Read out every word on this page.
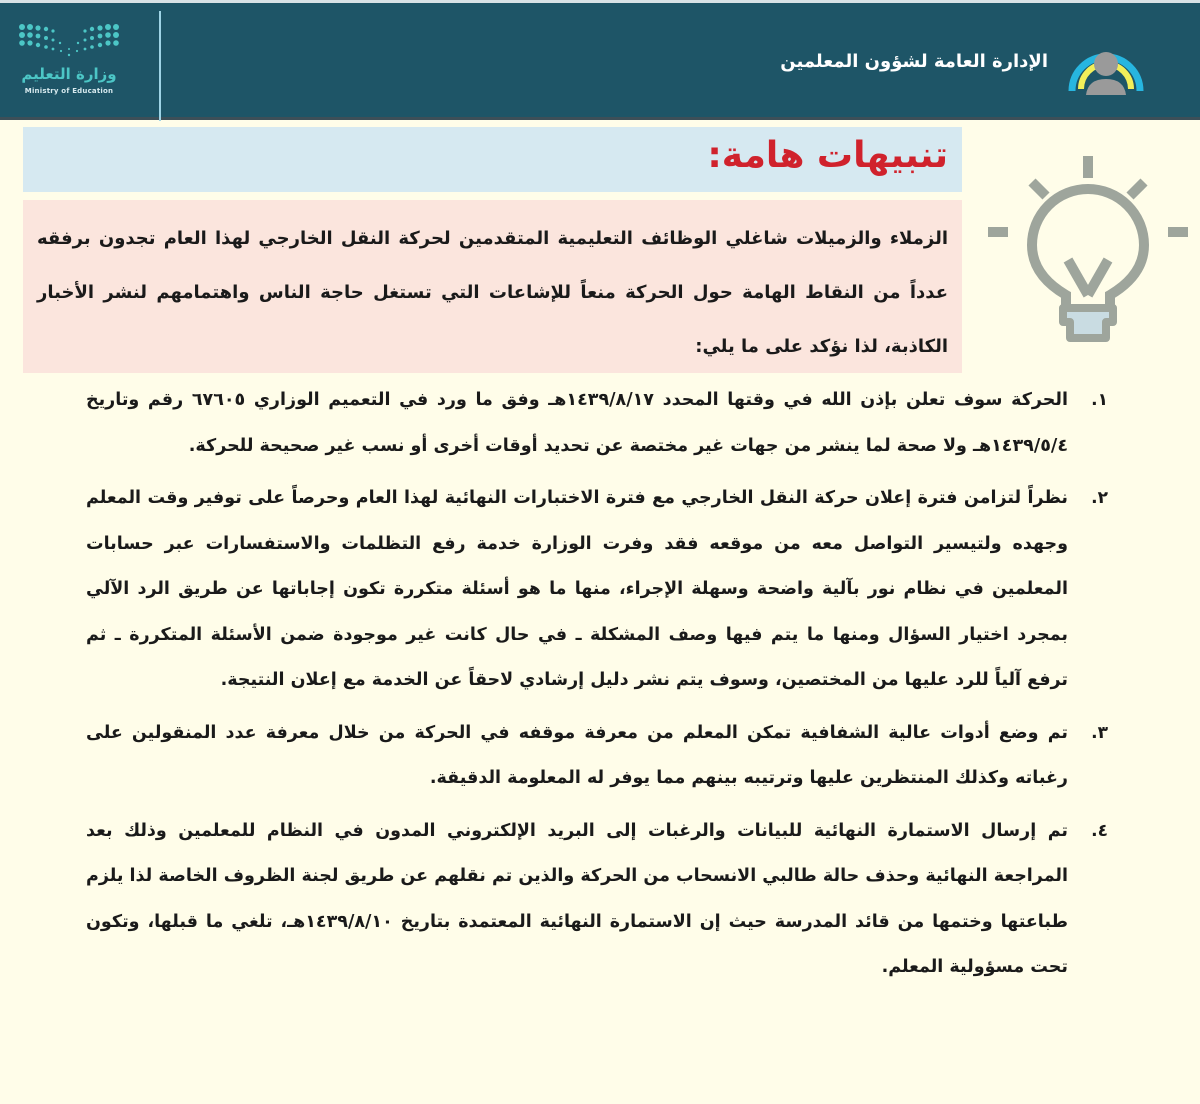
وزارة التعليم
Ministry of Education
الإدارة العامة لشؤون المعلمين
تنبيهات هامة:

الزملاء والزميلات شاغلي الوظائف التعليمية المتقدمين لحركة النقل الخارجي لهذا العام تجدون برفقه عدداً من النقاط الهامة حول الحركة منعاً للإشاعات التي تستغل حاجة الناس واهتمامهم لنشر الأخبار الكاذبة، لذا نؤكد على ما يلي:

١.
الحركة سوف تعلن بإذن الله في وقتها المحدد ١٤٣٩/٨/١٧هـ وفق ما ورد في التعميم الوزاري ٦٧٦٠٥ رقم وتاريخ ١٤٣٩/٥/٤هـ ولا صحة لما ينشر من جهات غير مختصة عن تحديد أوقات أخرى أو نسب غير صحيحة للحركة.
٢.
نظراً لتزامن فترة إعلان حركة النقل الخارجي مع فترة الاختبارات النهائية لهذا العام وحرصاً على توفير وقت المعلم وجهده ولتيسير التواصل معه من موقعه فقد وفرت الوزارة خدمة رفع التظلمات والاستفسارات عبر حسابات المعلمين في نظام نور بآلية واضحة وسهلة الإجراء، منها ما هو أسئلة متكررة تكون إجاباتها عن طريق الرد الآلي بمجرد اختيار السؤال ومنها ما يتم فيها وصف المشكلة ـ في حال كانت غير موجودة ضمن الأسئلة المتكررة ـ ثم ترفع آلياً للرد عليها من المختصين، وسوف يتم نشر دليل إرشادي لاحقاً عن الخدمة مع إعلان النتيجة.
٣.
تم وضع أدوات عالية الشفافية تمكن المعلم من معرفة موقفه في الحركة من خلال معرفة عدد المنقولين على رغباته وكذلك المنتظرين عليها وترتيبه بينهم مما يوفر له المعلومة الدقيقة.
٤.
تم إرسال الاستمارة النهائية للبيانات والرغبات إلى البريد الإلكتروني المدون في النظام للمعلمين وذلك بعد المراجعة النهائية وحذف حالة طالبي الانسحاب من الحركة والذين تم نقلهم عن طريق لجنة الظروف الخاصة لذا يلزم طباعتها وختمها من قائد المدرسة حيث إن الاستمارة النهائية المعتمدة بتاريخ ١٤٣٩/٨/١٠هـ، تلغي ما قبلها، وتكون تحت مسؤولية المعلم.
